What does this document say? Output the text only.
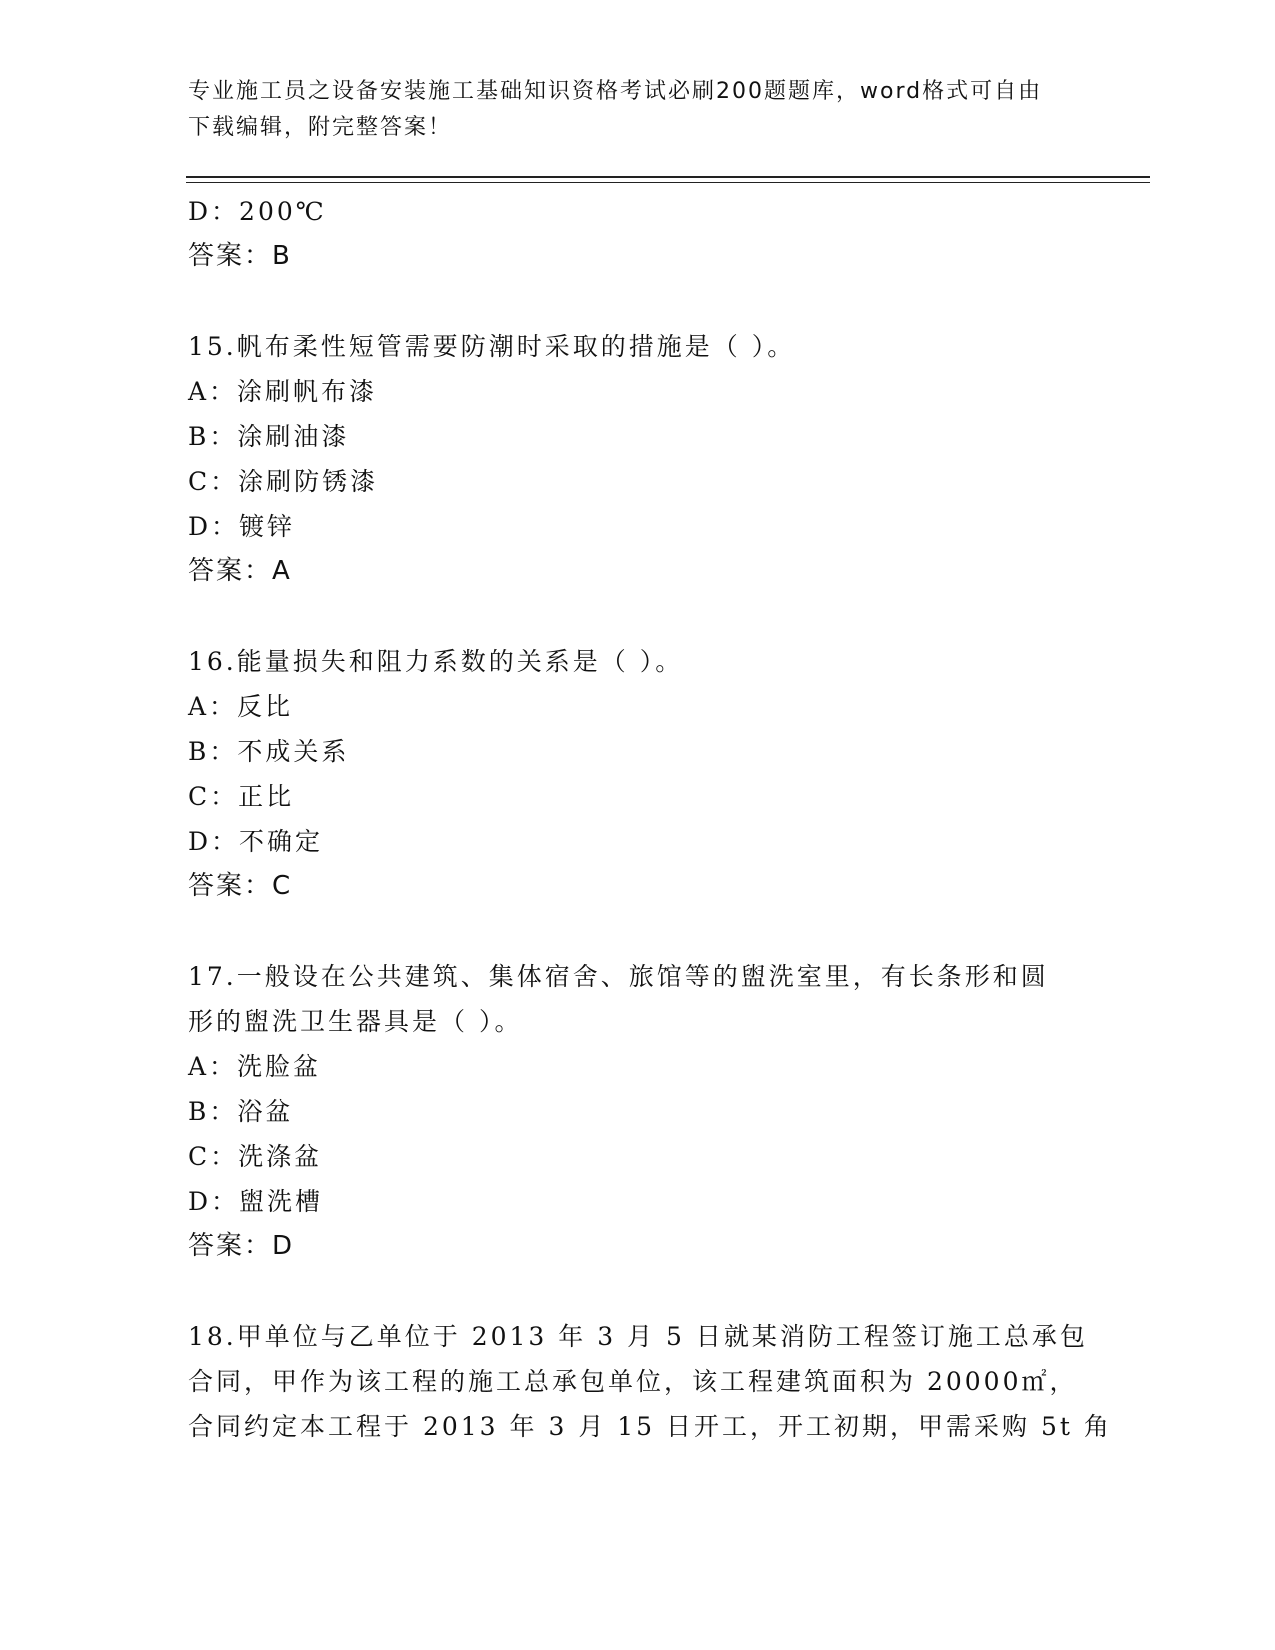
专业施工员之设备安装施工基础知识资格考试必刷200题题库，word格式可自由
下载编辑，附完整答案！
D：200℃
答案：B
15.帆布柔性短管需要防潮时采取的措施是（ ）。
A：涂刷帆布漆
B：涂刷油漆
C：涂刷防锈漆
D：镀锌
答案：A
16.能量损失和阻力系数的关系是（ ）。
A：反比
B：不成关系
C：正比
D：不确定
答案：C
17.一般设在公共建筑、集体宿舍、旅馆等的盥洗室里，有长条形和圆
形的盥洗卫生器具是（ ）。
A：洗脸盆
B：浴盆
C：洗涤盆
D：盥洗槽
答案：D
18.甲单位与乙单位于 2013 年 3 月 5 日就某消防工程签订施工总承包
合同，甲作为该工程的施工总承包单位，该工程建筑面积为 20000㎡，
合同约定本工程于 2013 年 3 月 15 日开工，开工初期，甲需采购 5t 角
